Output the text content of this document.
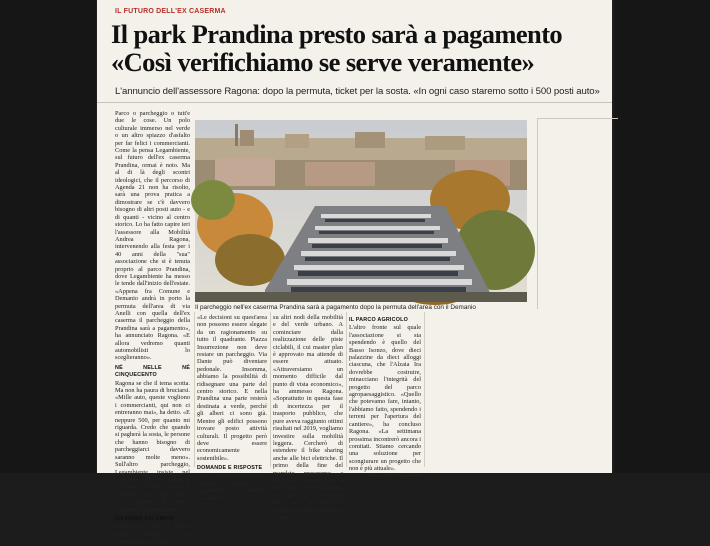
IL FUTURO DELL'EX CASERMA
Il park Prandina presto sarà a pagamento
«Così verifichiamo se serve veramente»
L'annuncio dell'assessore Ragona: dopo la permuta, ticket per la sosta. «In ogni caso staremo sotto i 500 posti auto»

Parco o parcheggio o tutt'e due le cose. Un polo culturale immerso nel verde o un altro spiazzo d'asfalto per far felici i commercianti. Come la pensa Legambiente, sul futuro dell'ex caserma Prandina, ormai è noto. Ma al di là degli scontri ideologici, che il percorso di Agenda 21 non ha risolto, sarà una prova pratica a dimostrare se c'è davvero bisogno di altri posti auto - e di quanti - vicino al centro storico. Lo ha fatto capire ieri l'assessore alla Mobilità Andrea Ragona, intervenendo alla festa per i 40 anni della "sua" associazione che si è tenuta proprio al parco Prandina, dove Legambiente ha messo le tende dall'inizio dell'estate. «Appena fra Comune e Demanio andrà in porto la permuta dell'area di via Anelli con quella dell'ex caserma il parcheggio della Prandina sarà a pagamento», ha annunciato Ragona. «E allora vedremo quanti automobilisti lo sceglieranno».

NÉ NELLE NÉ CINQUECENTO

Ragona se che il tema scotta. Ma non ha paura di bruciarsi. «Mille auto, queste vogliono i commercianti, qui non ci entreranno mai», ha detto. «E neppure 500, per quanto mi riguarda. Credo che quando si pagherà la sosta, le persone che hanno bisogno di parcheggiarci davvero saranno molte meno». Sull'altro parcheggio, Legambiente insiste nel sostenere che, in quanto a parcheggi, l'offerta supera la domanda: sono già tanti i posti intorno al centro, largamente sottoutilizzati.

UN PIANO PIÙ AMPIO

Ragona però lega il futuro dell'ex caserma a una strategia più articolata.

Il parcheggio nell'ex caserma Prandina sarà a pagamento dopo la permuta dell'area con il Demanio

«Le decisioni su quest'area non possono essere slegate da un ragionamento su tutto il quadrante. Piazza Insurrezione non deve restare un parcheggio. Via Dante può diventare pedonale. Insomma, abbiamo la possibilità di ridisegnare una parte del centro storico. E nella Prandina una parte resterà destinata a verde, perché gli alberi ci sono già. Mentre gli edifici possono trovare posto attività culturali. Il progetto però deve essere economicamente sostenibile».

DOMANDE E RISPOSTE

Lucio Passi, responsabile politiche antismog di Legambiente, ha incalzato l'assessore

su altri nodi della mobilità e del verde urbano. A cominciare dalla realizzazione delle piste ciclabili, il cui master plan è approvato ma attende di essere attuato. «Attraversiamo un momento difficile dal punto di vista economico», ha ammesso Ragona. «Soprattutto in questa fase di incertezza per il trasporto pubblico, che pure aveva raggiunto ottimi risultati nel 2019, vogliamo investire sulla mobilità leggera. Cercherò di estendere il bike sharing anche alle bici elettriche. Il primo della fine del mandato proveremo a realizzare almeno una o due linee della biciplitana, così che chi viene dopo abbia già un percorso avviato e capisca di cosa si tratta».

IL PARCO AGRICOLO

L'altro fronte sul quale l'associazione si sta spendendo è quello del Basso Isonzo, dove dieci palazzine da dieci alloggi ciascuna, che l'Alzaia Ira dovrebbe costruire, minacciano l'integrità del progetto del parco agropaesaggistico. «Quello che potevamo fare, intanto, l'abbiamo fatto, spendendo i terreni per l'apertura del cantiere», ha concluso Ragona. «La settimana prossima incontrerò ancora i comitati. Stiamo cercando una soluzione per scongiurare un progetto che non è più attuale».

CRISTIANO CADONI
